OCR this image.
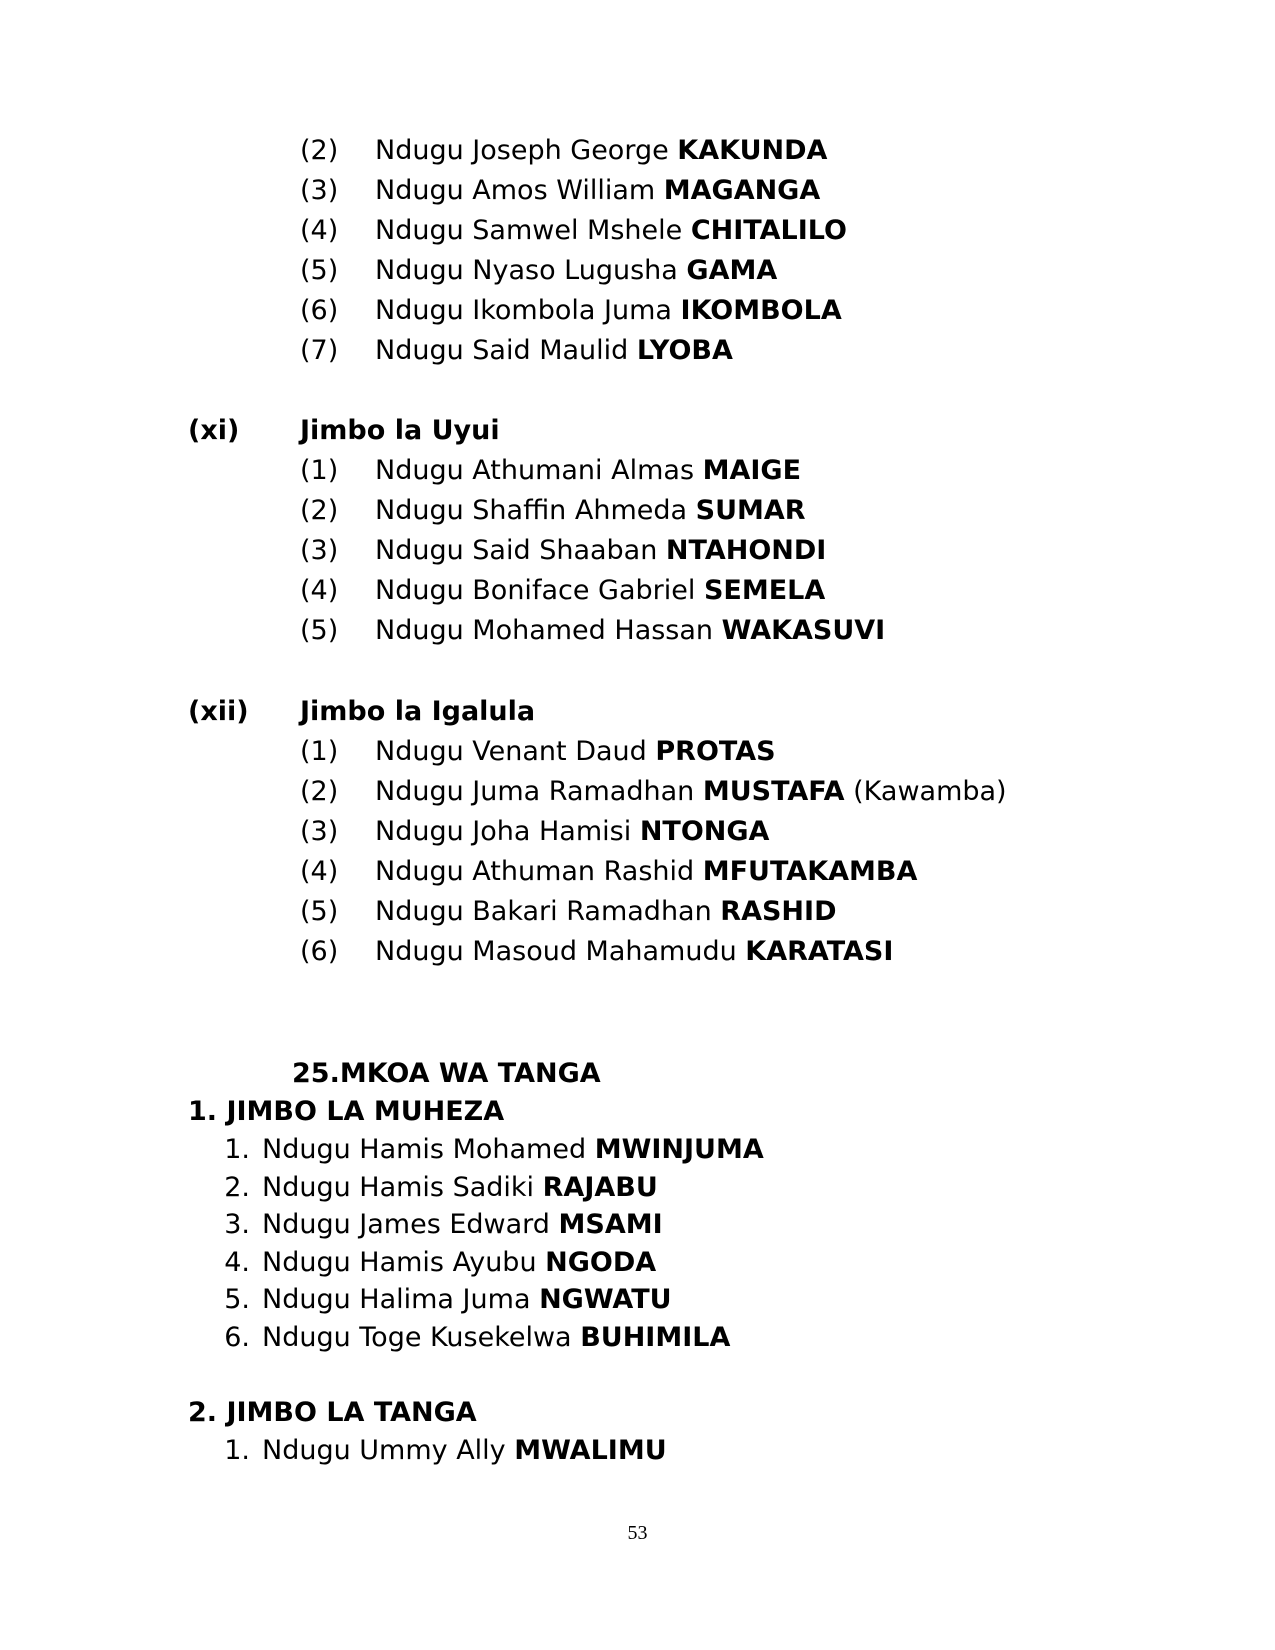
(2) Ndugu Joseph George KAKUNDA
(3) Ndugu Amos William MAGANGA
(4) Ndugu Samwel Mshele CHITALILO
(5) Ndugu Nyaso Lugusha GAMA
(6) Ndugu Ikombola Juma IKOMBOLA
(7) Ndugu Said Maulid LYOBA
(xi) Jimbo la Uyui
(1) Ndugu Athumani Almas MAIGE
(2) Ndugu Shaffin Ahmeda SUMAR
(3) Ndugu Said Shaaban NTAHONDI
(4) Ndugu Boniface Gabriel SEMELA
(5) Ndugu Mohamed Hassan WAKASUVI
(xii) Jimbo la Igalula
(1) Ndugu Venant Daud PROTAS
(2) Ndugu Juma Ramadhan MUSTAFA (Kawamba)
(3) Ndugu Joha Hamisi NTONGA
(4) Ndugu Athuman Rashid MFUTAKAMBA
(5) Ndugu Bakari Ramadhan RASHID
(6) Ndugu Masoud Mahamudu KARATASI
25.MKOA WA TANGA
1. JIMBO LA MUHEZA
1. Ndugu Hamis Mohamed MWINJUMA
2. Ndugu Hamis Sadiki RAJABU
3. Ndugu James Edward MSAMI
4. Ndugu Hamis Ayubu NGODA
5. Ndugu Halima Juma NGWATU
6. Ndugu Toge Kusekelwa BUHIMILA
2. JIMBO LA TANGA
1. Ndugu Ummy Ally MWALIMU
53
